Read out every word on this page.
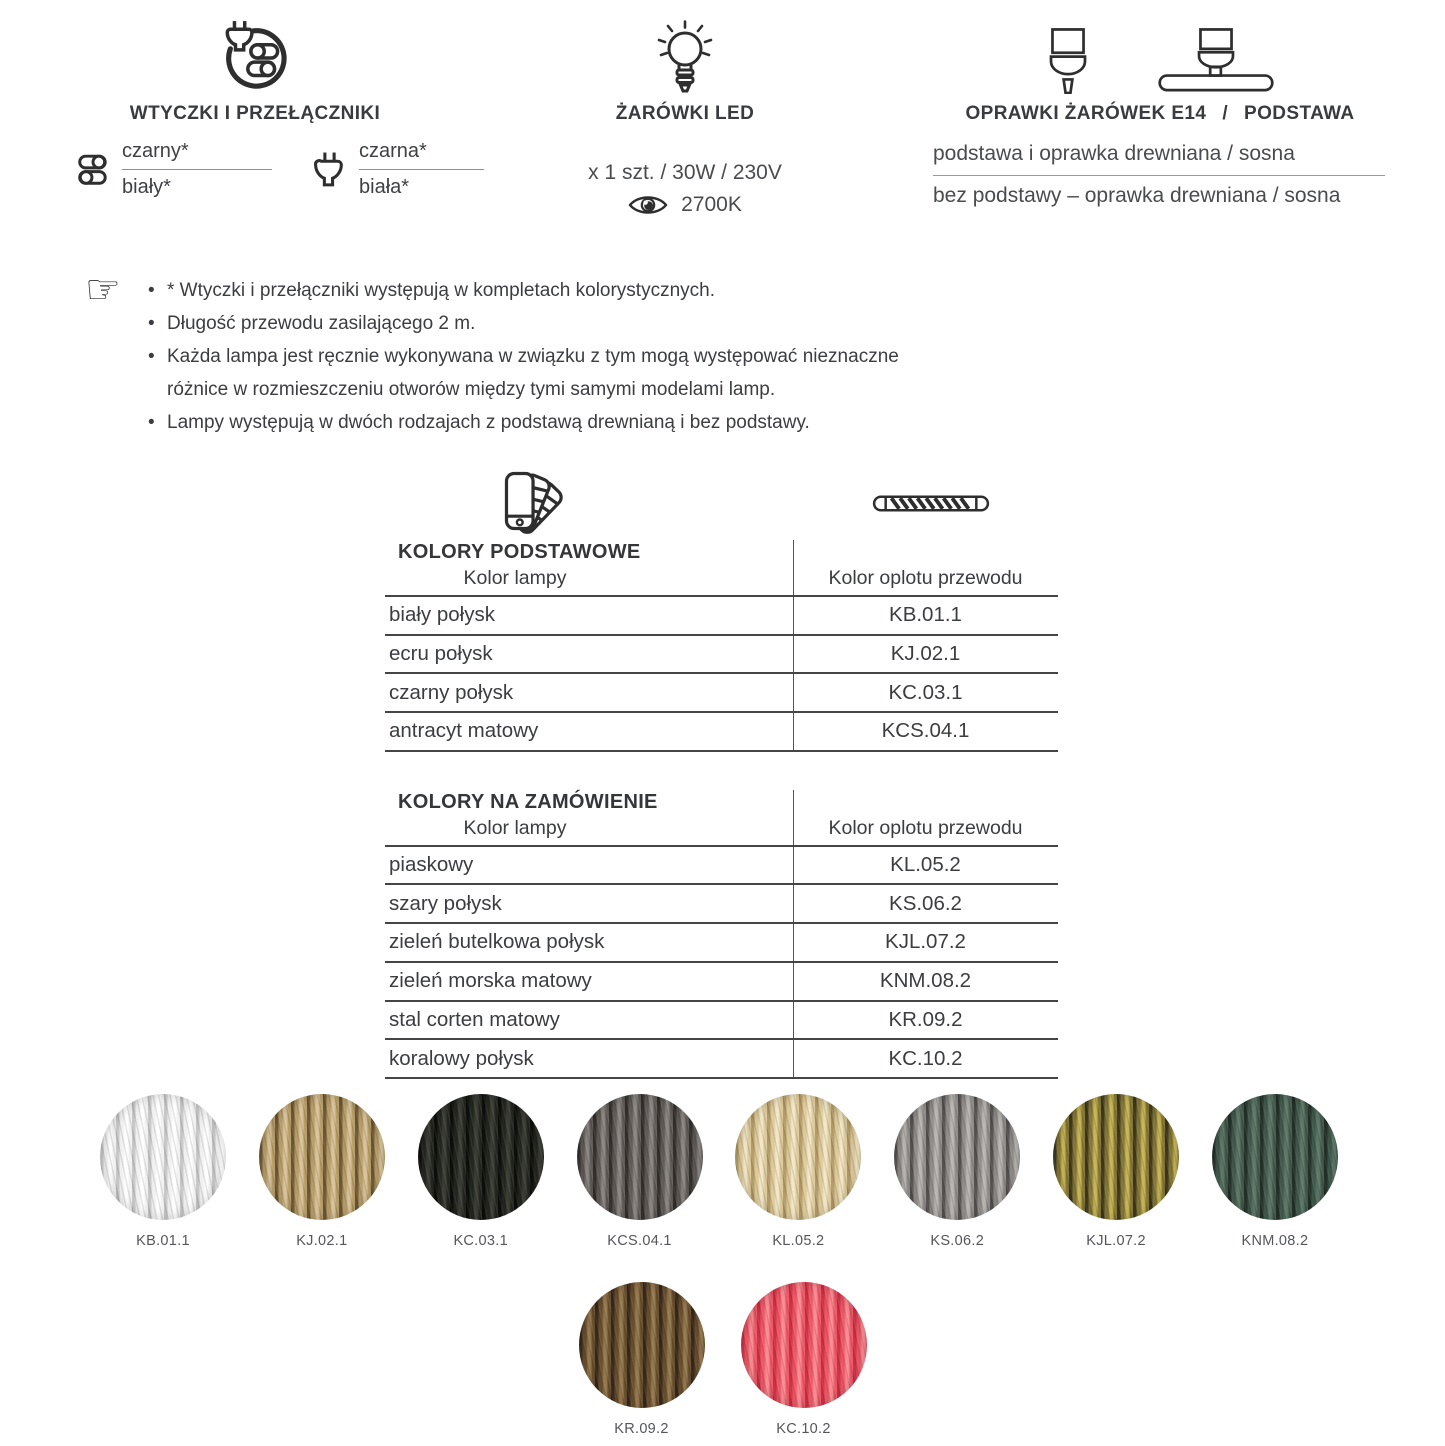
WTYCZKI I PRZEŁĄCZNIKI
czarny*
biały*
czarna*
biała*
ŻARÓWKI LED
x 1 szt. / 30W / 230V
2700K
OPRAWKI ŻARÓWEK E14 / PODSTAWA
podstawa i oprawka drewniana / sosna
bez podstawy – oprawka drewniana / sosna
☞	• * Wtyczki i przełączniki występują w kompletach kolorystycznych.
• Długość przewodu zasilającego 2 m.
• Każda lampa jest ręcznie wykonywana w związku z tym mogą występować nieznaczne różnice w rozmieszczeniu otworów między tymi samymi modelami lamp.
• Lampy występują w dwóch rodzajach z podstawą drewnianą i bez podstawy.
KOLORY PODSTAWOWE
Kolor lampy	Kolor oplotu przewodu
biały połysk	KB.01.1
ecru połysk	KJ.02.1
czarny połysk	KC.03.1
antracyt matowy	KCS.04.1
KOLORY NA ZAMÓWIENIE
Kolor lampy	Kolor oplotu przewodu
piaskowy	KL.05.2
szary połysk	KS.06.2
zieleń butelkowa połysk	KJL.07.2
zieleń morska matowy	KNM.08.2
stal corten matowy	KR.09.2
koralowy połysk	KC.10.2
KB.01.1	KJ.02.1	KC.03.1	KCS.04.1	KL.05.2	KS.06.2	KJL.07.2	KNM.08.2
KR.09.2	KC.10.2
